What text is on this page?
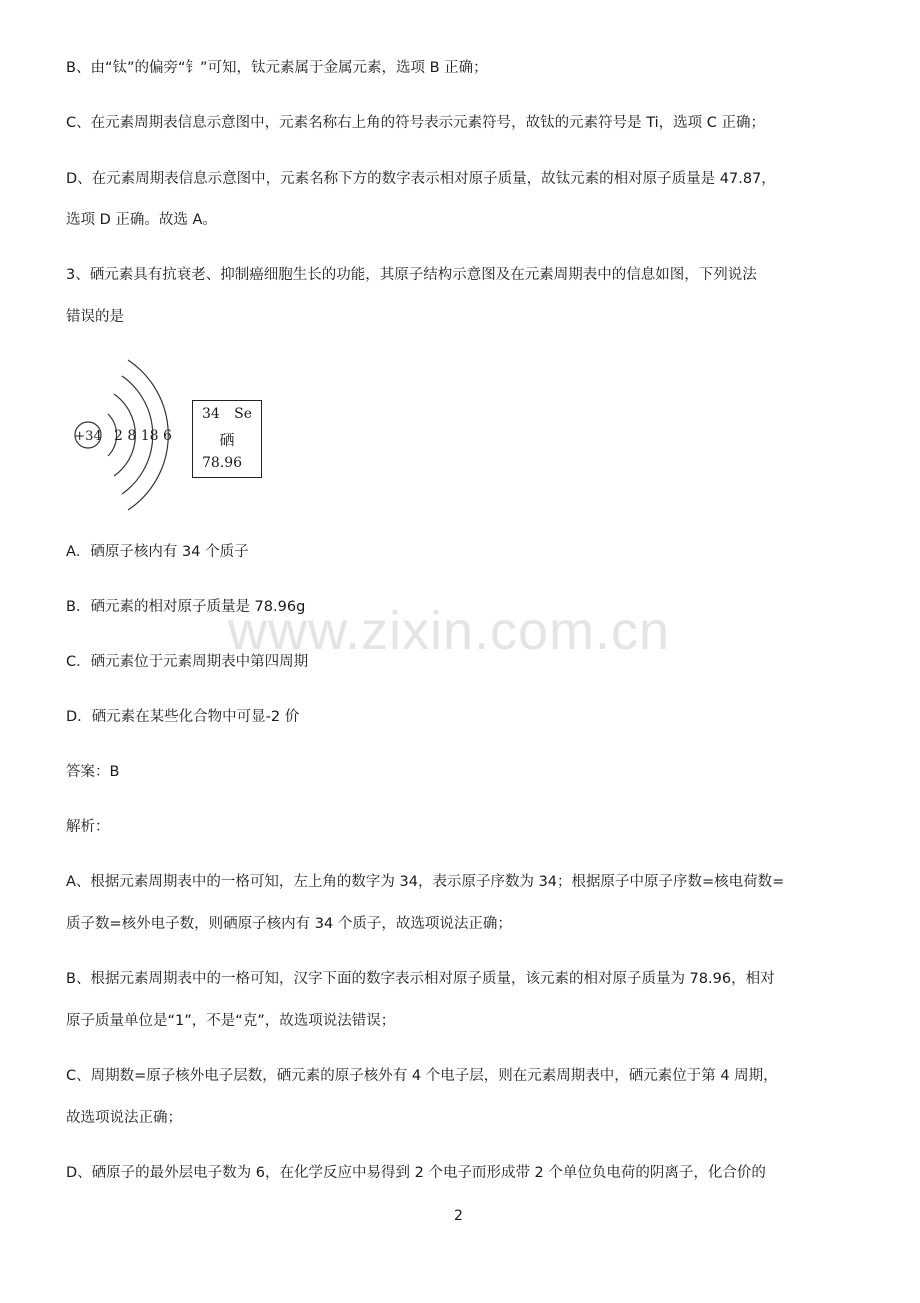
www.zixin.com.cn
B、由“钛”的偏旁“钅”可知，钛元素属于金属元素，选项 B 正确；
C、在元素周期表信息示意图中，元素名称右上角的符号表示元素符号，故钛的元素符号是 Ti，选项 C 正确；
D、在元素周期表信息示意图中，元素名称下方的数字表示相对原子质量，故钛元素的相对原子质量是 47.87，
选项 D 正确。故选 A。
3、硒元素具有抗衰老、抑制癌细胞生长的功能，其原子结构示意图及在元素周期表中的信息如图，下列说法
错误的是
+34 2 8 18 6
34 Se
硒
78.96
A．硒原子核内有 34 个质子
B．硒元素的相对原子质量是 78.96g
C．硒元素位于元素周期表中第四周期
D．硒元素在某些化合物中可显-2 价
答案：B
解析：
A、根据元素周期表中的一格可知，左上角的数字为 34，表示原子序数为 34；根据原子中原子序数=核电荷数=
质子数=核外电子数，则硒原子核内有 34 个质子，故选项说法正确；
B、根据元素周期表中的一格可知，汉字下面的数字表示相对原子质量，该元素的相对原子质量为 78.96，相对
原子质量单位是“1”，不是“克”，故选项说法错误；
C、周期数=原子核外电子层数，硒元素的原子核外有 4 个电子层，则在元素周期表中，硒元素位于第 4 周期，
故选项说法正确；
D、硒原子的最外层电子数为 6，在化学反应中易得到 2 个电子而形成带 2 个单位负电荷的阴离子，化合价的
2
